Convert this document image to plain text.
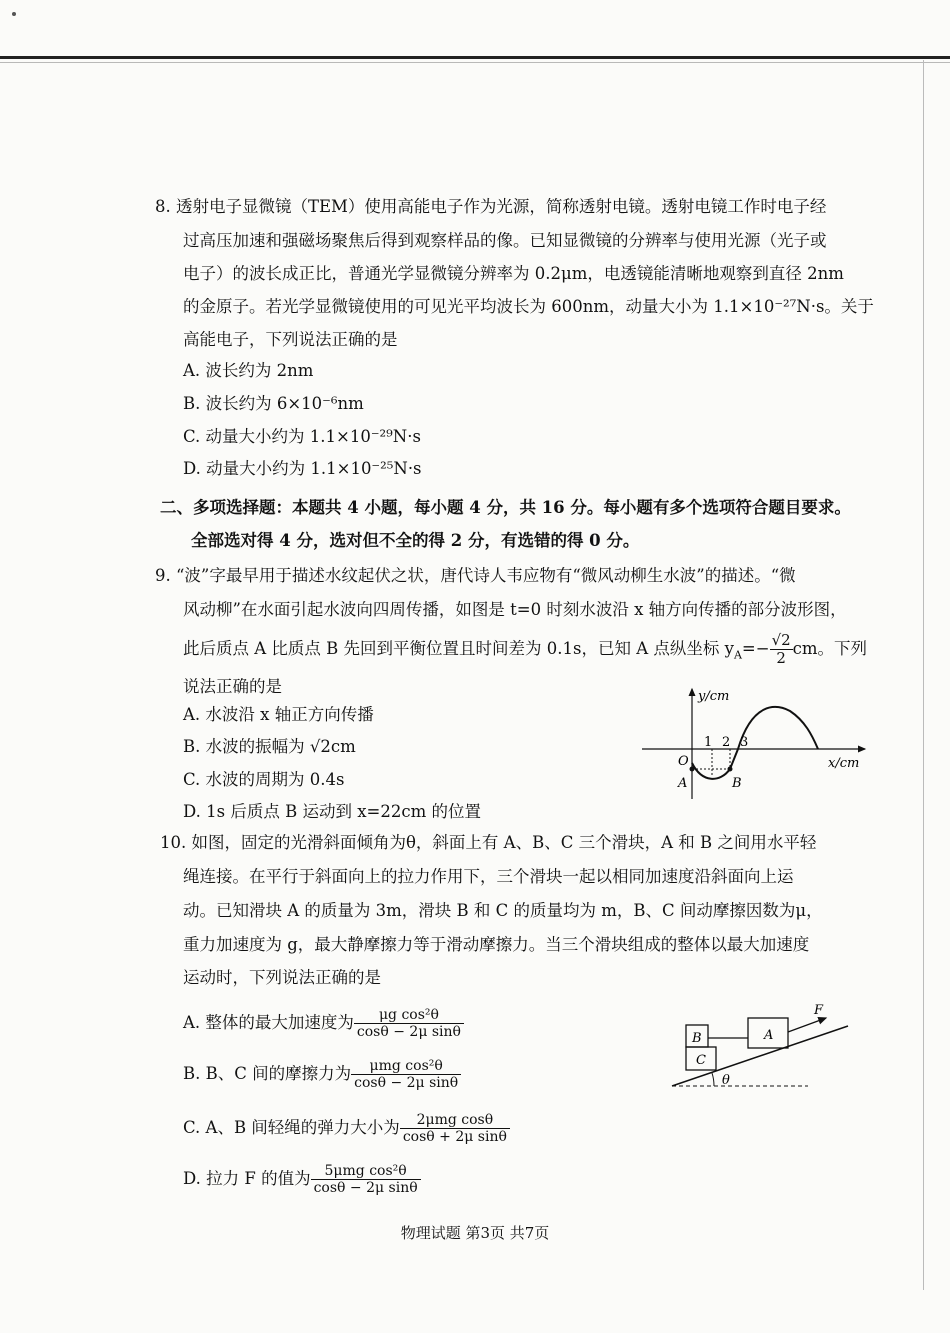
8. 透射电子显微镜（TEM）使用高能电子作为光源，简称透射电镜。透射电镜工作时电子经
过高压加速和强磁场聚焦后得到观察样品的像。已知显微镜的分辨率与使用光源（光子或
电子）的波长成正比，普通光学显微镜分辨率为 0.2μm，电透镜能清晰地观察到直径 2nm
的金原子。若光学显微镜使用的可见光平均波长为 600nm，动量大小为 1.1×10⁻²⁷N·s。关于
高能电子，下列说法正确的是
A. 波长约为 2nm
B. 波长约为 6×10⁻⁶nm
C. 动量大小约为 1.1×10⁻²⁹N·s
D. 动量大小约为 1.1×10⁻²⁵N·s
二、多项选择题：本题共 4 小题，每小题 4 分，共 16 分。每小题有多个选项符合题目要求。
全部选对得 4 分，选对但不全的得 2 分，有选错的得 0 分。
9. “波”字最早用于描述水纹起伏之状，唐代诗人韦应物有“微风动柳生水波”的描述。“微
风动柳”在水面引起水波向四周传播，如图是 t=0 时刻水波沿 x 轴方向传播的部分波形图，
此后质点 A 比质点 B 先回到平衡位置且时间差为 0.1s，已知 A 点纵坐标 $y_A=- \frac{√2}{2}cm$。下列
说法正确的是
A. 水波沿 x 轴正方向传播
B. 水波的振幅为 √2cm
C. 水波的周期为 0.4s
D. 1s 后质点 B 运动到 x=22cm 的位置
y/cm
x/cm
O
1 2 3
A	B
10. 如图，固定的光滑斜面倾角为θ，斜面上有 A、B、C 三个滑块，A 和 B 之间用水平轻
绳连接。在平行于斜面向上的拉力作用下，三个滑块一起以相同加速度沿斜面向上运
动。已知滑块 A 的质量为 3m，滑块 B 和 C 的质量均为 m，B、C 间动摩擦因数为μ，
重力加速度为 g，最大静摩擦力等于滑动摩擦力。当三个滑块组成的整体以最大加速度
运动时，下列说法正确的是
A. 整体的最大加速度为 $\frac{\text{μg cos²θ}}{\text{cosθ − 2μ sinθ}}$
B. B、C 间的摩擦力为 $\frac{\text{μmg cos²θ}}{\text{cosθ − 2μ sinθ}}$
C. A、B 间轻绳的弹力大小为 $\frac{\text{2μmg cosθ}}{\text{cosθ + 2μ sinθ}}$
D. 拉力 F 的值为 $\frac{\text{5μmg cos²θ}}{\text{cosθ − 2μ sinθ}}$
B
C
A
F
θ
物理试题 第3页 共7页
